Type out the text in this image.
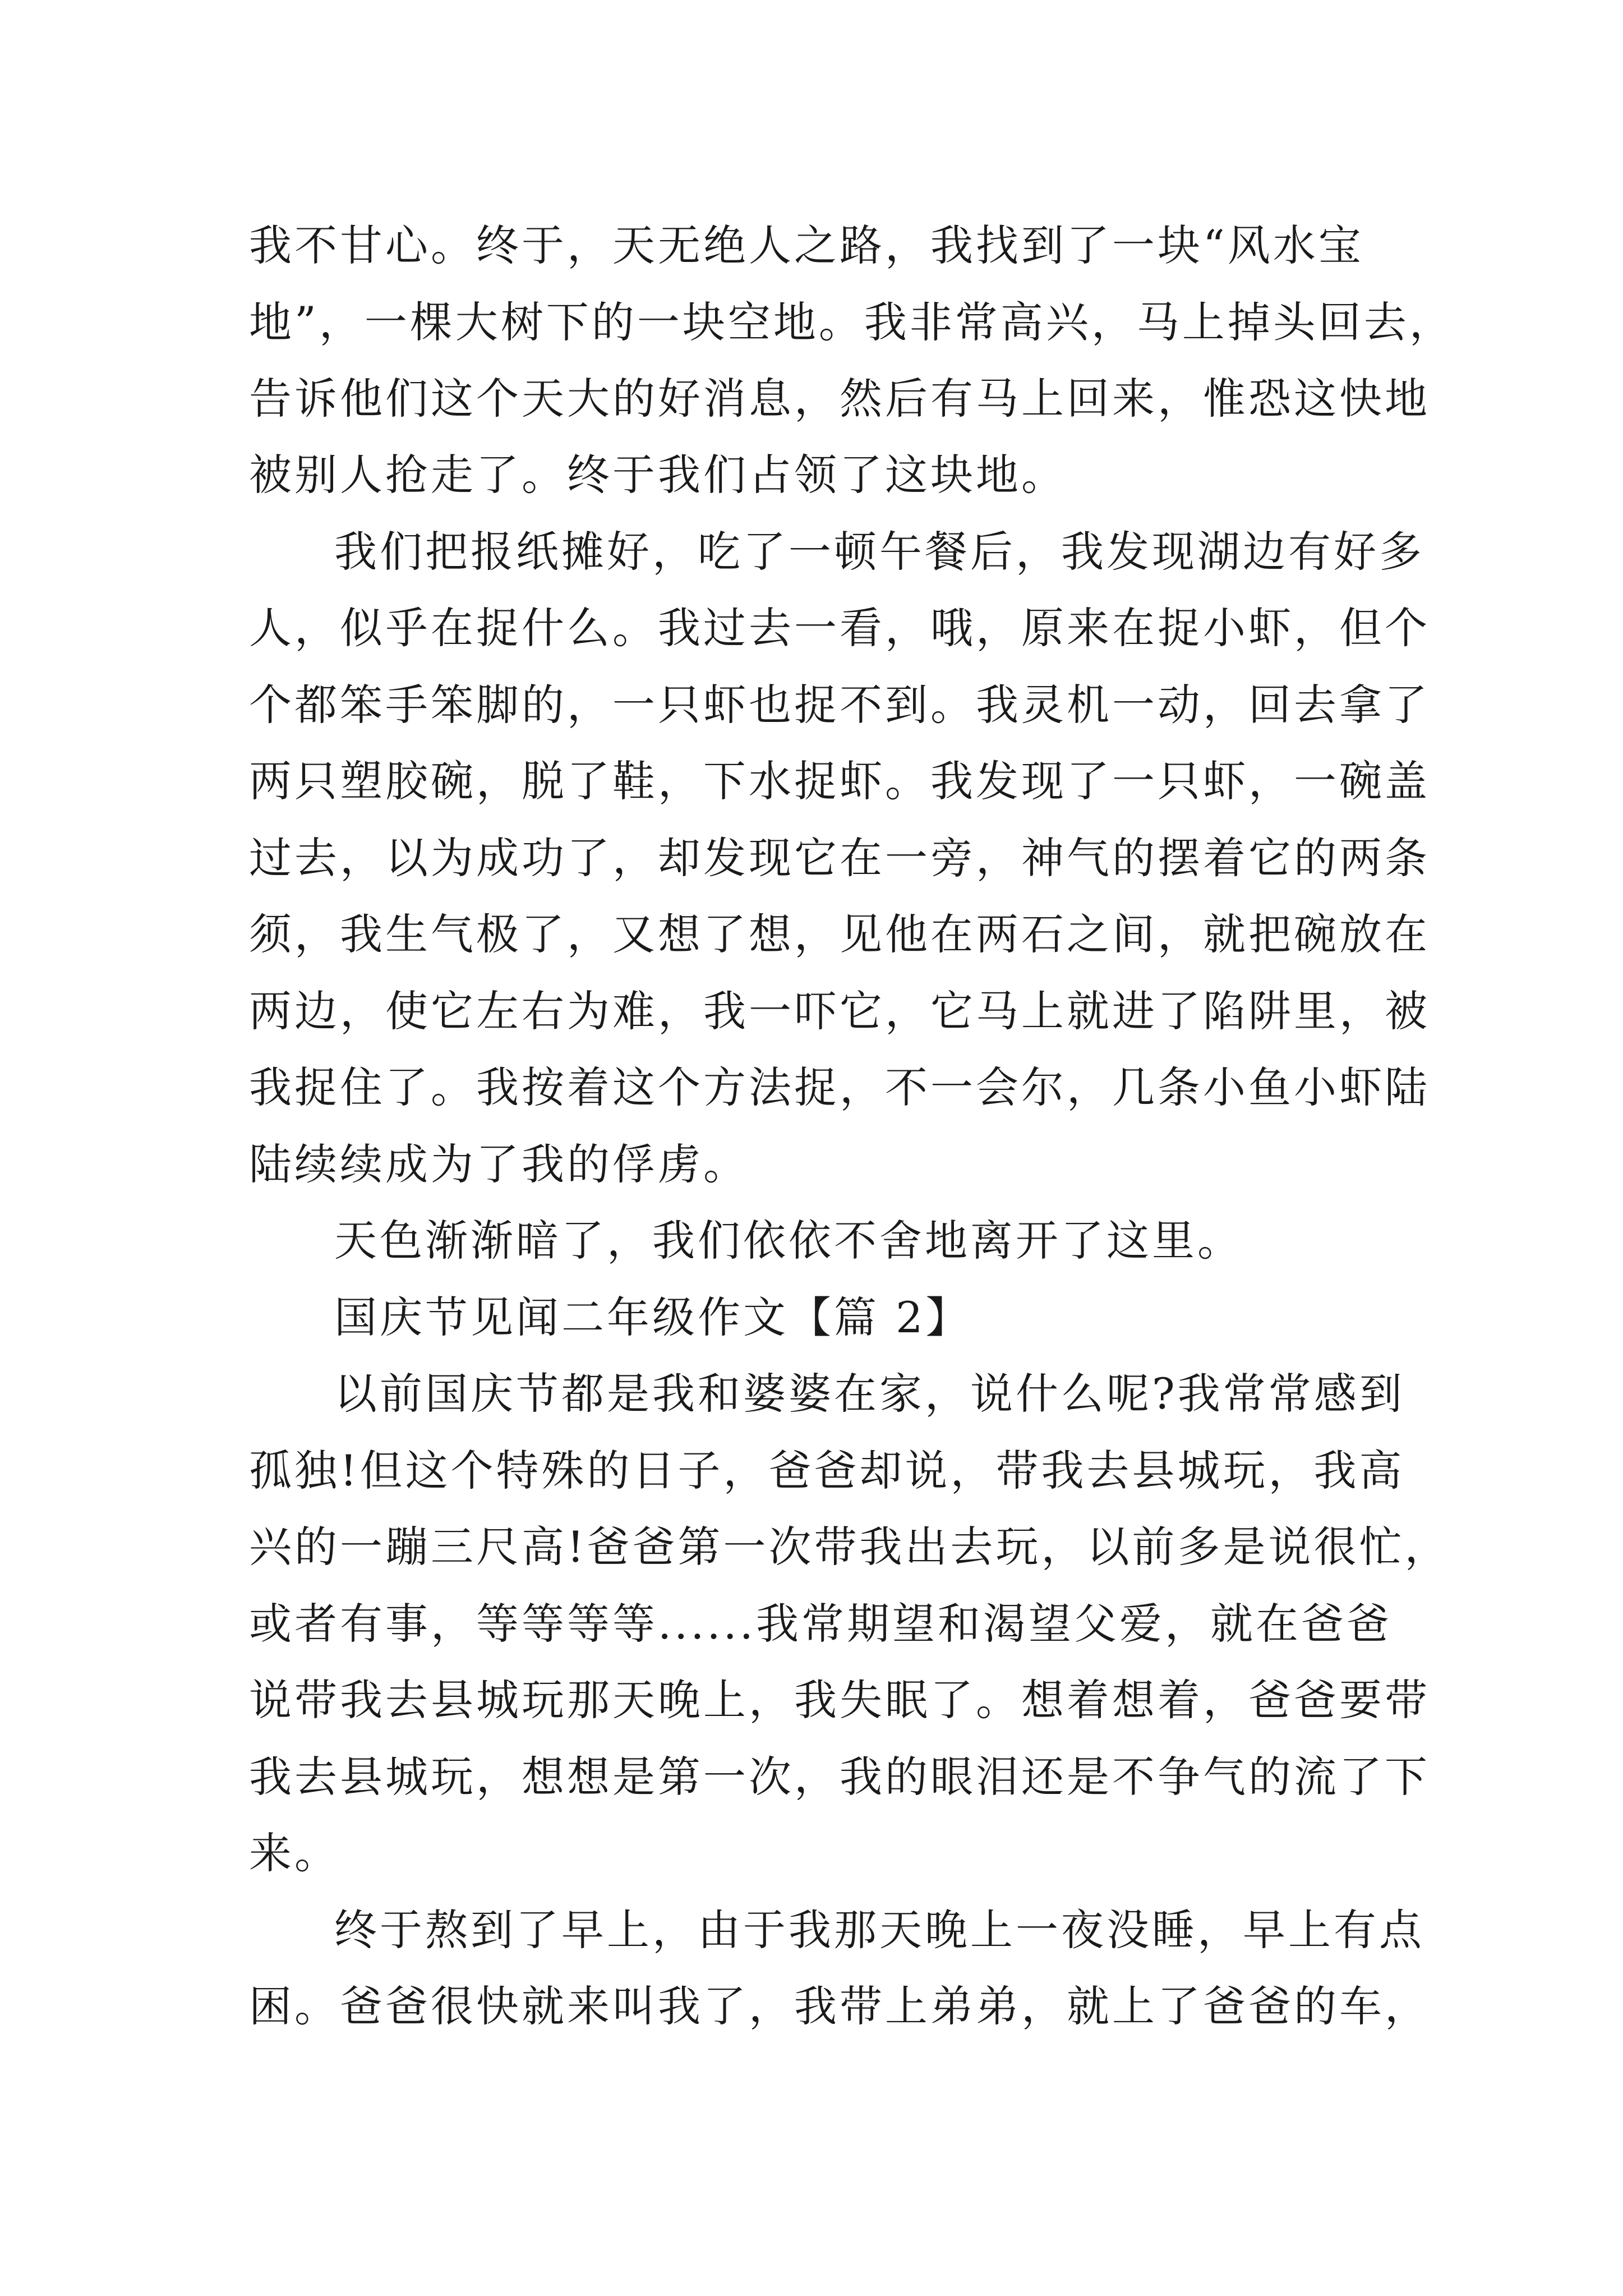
我不甘心。终于，天无绝人之路，我找到了一块“风水宝
地”，一棵大树下的一块空地。我非常高兴，马上掉头回去，
告诉他们这个天大的好消息，然后有马上回来，惟恐这快地
被别人抢走了。终于我们占领了这块地。
我们把报纸摊好，吃了一顿午餐后，我发现湖边有好多
人，似乎在捉什么。我过去一看，哦，原来在捉小虾，但个
个都笨手笨脚的，一只虾也捉不到。我灵机一动，回去拿了
两只塑胶碗，脱了鞋，下水捉虾。我发现了一只虾，一碗盖
过去，以为成功了，却发现它在一旁，神气的摆着它的两条
须，我生气极了，又想了想，见他在两石之间，就把碗放在
两边，使它左右为难，我一吓它，它马上就进了陷阱里，被
我捉住了。我按着这个方法捉，不一会尔，几条小鱼小虾陆
陆续续成为了我的俘虏。
天色渐渐暗了，我们依依不舍地离开了这里。
国庆节见闻二年级作文【篇 2】
以前国庆节都是我和婆婆在家，说什么呢?我常常感到
孤独!但这个特殊的日子，爸爸却说，带我去县城玩，我高
兴的一蹦三尺高!爸爸第一次带我出去玩，以前多是说很忙，
或者有事，等等等等......我常期望和渴望父爱，就在爸爸
说带我去县城玩那天晚上，我失眠了。想着想着，爸爸要带
我去县城玩，想想是第一次，我的眼泪还是不争气的流了下
来。
终于熬到了早上，由于我那天晚上一夜没睡，早上有点
困。爸爸很快就来叫我了，我带上弟弟，就上了爸爸的车，
